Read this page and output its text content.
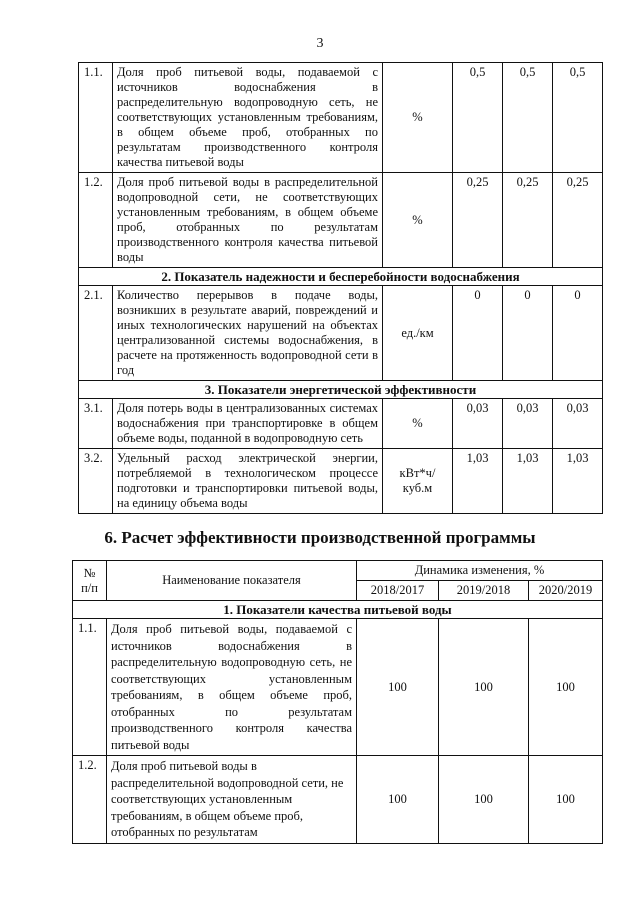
3
1.1.	Доля проб питьевой воды, подаваемой с источников водоснабжения в распределительную водопроводную сеть, не соответствующих установленным требованиям, в общем объеме проб, отобранных по результатам производственного контроля качества питьевой воды	%	0,5	0,5	0,5
1.2.	Доля проб питьевой воды в распределительной водопроводной сети, не соответствующих установленным требованиям, в общем объеме проб, отобранных по результатам производственного контроля качества питьевой воды	%	0,25	0,25	0,25
2. Показатель надежности и бесперебойности водоснабжения					
2.1.	Количество перерывов в подаче воды, возникших в результате аварий, повреждений и иных технологических нарушений на объектах централизованной системы водоснабжения, в расчете на протяженность водопроводной сети в год	ед./км	0	0	0
3. Показатели энергетической эффективности					
3.1.	Доля потерь воды в централизованных системах водоснабжения при транспортировке в общем объеме воды, поданной в водопроводную сеть	%	0,03	0,03	0,03
3.2.	Удельный расход электрической энергии, потребляемой в технологическом процессе подготовки и транспортировки питьевой воды, на единицу объема воды	кВт*ч/ куб.м	1,03	1,03	1,03
6. Расчет эффективности производственной программы
№ п/п	Наименование показателя	Динамика изменения, %		
		2018/2017	2019/2018	2020/2019
1. Показатели качества питьевой воды				
1.1.	Доля проб питьевой воды, подаваемой с источников водоснабжения в распределительную водопроводную сеть, не соответствующих установленным требованиям, в общем объеме проб, отобранных по результатам производственного контроля качества питьевой воды	100	100	100
1.2.	Доля проб питьевой воды в распределительной водопроводной сети, не соответствующих установленным требованиям, в общем объеме проб, отобранных по результатам	100	100	100
